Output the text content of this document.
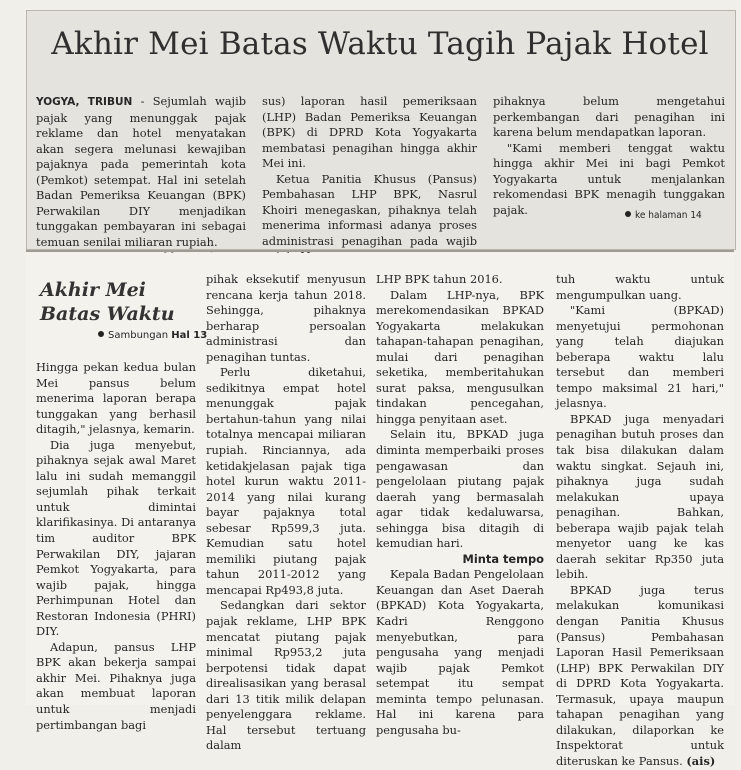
Akhir Mei Batas Waktu Tagih Pajak Hotel

YOGYA, TRIBUN - Sejumlah wajib pajak yang menunggak pajak reklame dan hotel menyatakan akan segera melunasi kewajiban pajaknya pada pemerintah kota (Pemkot) setempat. Hal ini setelah Badan Pemeriksa Keuangan (BPK) Perwakilan DIY menjadikan tunggakan pembayaran ini sebagai temuan senilai miliaran rupiah.

sus) laporan hasil pemeriksaan (LHP) Badan Pemeriksa Keuangan (BPK) di DPRD Kota Yogyakarta membatasi penagihan hingga akhir Mei ini.

Ketua Panitia Khusus (Pansus) Pembahasan LHP BPK, Nasrul Khoiri menegaskan, pihaknya telah menerima informasi adanya proses administrasi penagihan pada wajib

pihaknya belum mengetahui perkembangan dari penagihan ini karena belum mendapatkan laporan.

"Kami memberi tenggat waktu hingga akhir Mei ini bagi Pemkot Yogyakarta untuk menjalankan rekomendasi BPK menagih tunggakan pajak.	ke halaman 14
Akhir Mei Batas Waktu
Sambungan Hal 13

Hingga pekan kedua bulan Mei pansus belum menerima laporan berapa tunggakan yang berhasil ditagih," jelasnya, kemarin.

Dia juga menyebut, pihaknya sejak awal Maret lalu ini sudah memanggil sejumlah pihak terkait untuk dimintai klarifikasinya. Di antaranya tim auditor BPK Perwakilan DIY, jajaran Pemkot Yogyakarta, para wajib pajak, hingga Perhimpunan Hotel dan Restoran Indonesia (PHRI) DIY.

Adapun, pansus LHP BPK akan bekerja sampai akhir Mei. Pihaknya juga akan membuat laporan untuk menjadi pertimbangan bagi

pihak eksekutif menyusun rencana kerja tahun 2018. Sehingga, pihaknya berharap persoalan administrasi dan penagihan tuntas.

Perlu diketahui, sedikitnya empat hotel menunggak pajak bertahun-tahun yang nilai totalnya mencapai miliaran rupiah. Rinciannya, ada ketidakjelasan pajak tiga hotel kurun waktu 2011-2014 yang nilai kurang bayar pajaknya total sebesar Rp599,3 juta. Kemudian satu hotel memiliki piutang pajak tahun 2011-2012 yang mencapai Rp493,8 juta.

Sedangkan dari sektor pajak reklame, LHP BPK mencatat piutang pajak minimal Rp953,2 juta berpotensi tidak dapat direalisasikan yang berasal dari 13 titik milik delapan penyelenggara reklame. Hal tersebut tertuang dalam

LHP BPK tahun 2016.

Dalam LHP-nya, BPK merekomendasikan BPKAD Yogyakarta melakukan tahapan-tahapan penagihan, mulai dari penagihan seketika, memberitahukan surat paksa, mengusulkan tindakan pencegahan, hingga penyitaan aset.

Selain itu, BPKAD juga diminta memperbaiki proses pengawasan dan pengelolaan piutang pajak daerah yang bermasalah agar tidak kedaluwarsa, sehingga bisa ditagih di kemudian hari.

Minta tempo

Kepala Badan Pengelolaan Keuangan dan Aset Daerah (BPKAD) Kota Yogyakarta, Kadri Renggono menyebutkan, para pengusaha yang menjadi wajib pajak Pemkot setempat itu sempat meminta tempo pelunasan. Hal ini karena para pengusaha bu-

tuh waktu untuk mengumpulkan uang.

"Kami (BPKAD) menyetujui permohonan yang telah diajukan beberapa waktu lalu tersebut dan memberi tempo maksimal 21 hari," jelasnya.

BPKAD juga menyadari penagihan butuh proses dan tak bisa dilakukan dalam waktu singkat. Sejauh ini, pihaknya juga sudah melakukan upaya penagihan. Bahkan, beberapa wajib pajak telah menyetor uang ke kas daerah sekitar Rp350 juta lebih.

BPKAD juga terus melakukan komunikasi dengan Panitia Khusus (Pansus) Pembahasan Laporan Hasil Pemeriksaan (LHP) BPK Perwakilan DIY di DPRD Kota Yogyakarta. Termasuk, upaya maupun tahapan penagihan yang dilakukan, dilaporkan ke Inspektorat untuk diteruskan ke Pansus. (ais)
